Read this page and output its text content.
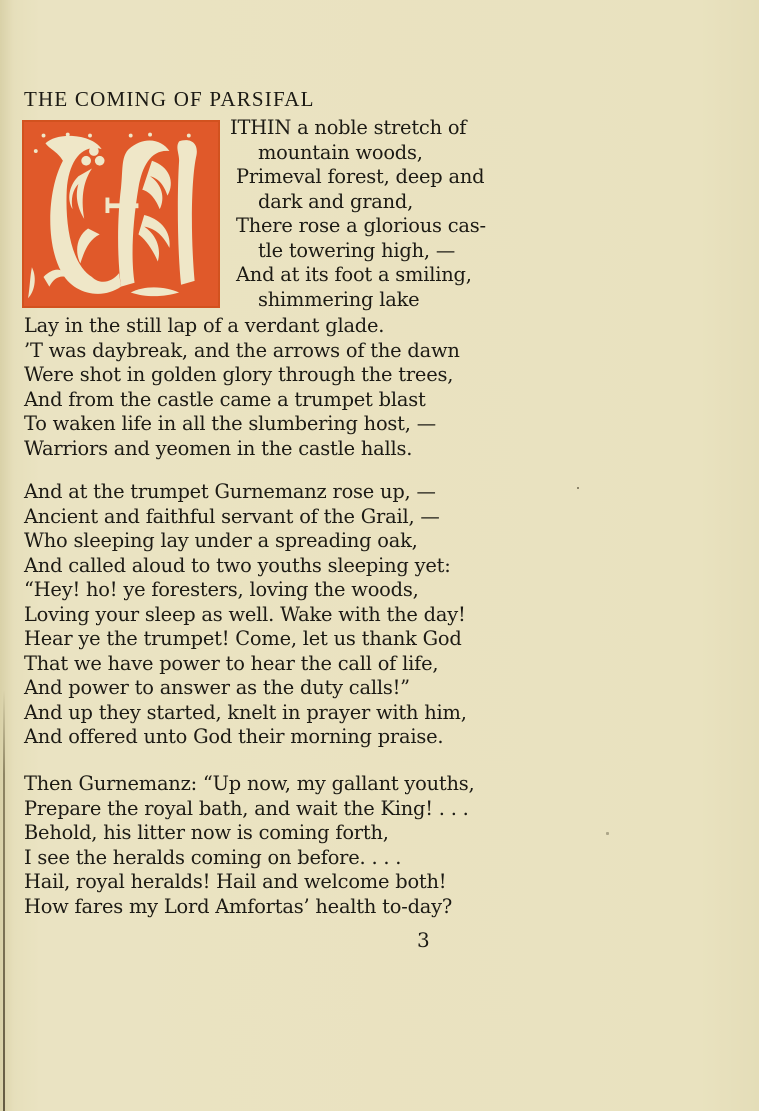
THE COMING OF PARSIFAL
ITHIN a noble stretch of
mountain woods,
Primeval forest, deep and
dark and grand,
There rose a glorious cas-
tle towering high, —
And at its foot a smiling,
shimmering lake
Lay in the still lap of a verdant glade.
’T was daybreak, and the arrows of the dawn
Were shot in golden glory through the trees,
And from the castle came a trumpet blast
To waken life in all the slumbering host, —
Warriors and yeomen in the castle halls.
And at the trumpet Gurnemanz rose up, —
Ancient and faithful servant of the Grail, —
Who sleeping lay under a spreading oak,
And called aloud to two youths sleeping yet:
“Hey! ho! ye foresters, loving the woods,
Loving your sleep as well. Wake with the day!
Hear ye the trumpet! Come, let us thank God
That we have power to hear the call of life,
And power to answer as the duty calls!”
And up they started, knelt in prayer with him,
And offered unto God their morning praise.
Then Gurnemanz: “Up now, my gallant youths,
Prepare the royal bath, and wait the King! . . .
Behold, his litter now is coming forth,
I see the heralds coming on before. . . .
Hail, royal heralds! Hail and welcome both!
How fares my Lord Amfortas’ health to-day?
3
